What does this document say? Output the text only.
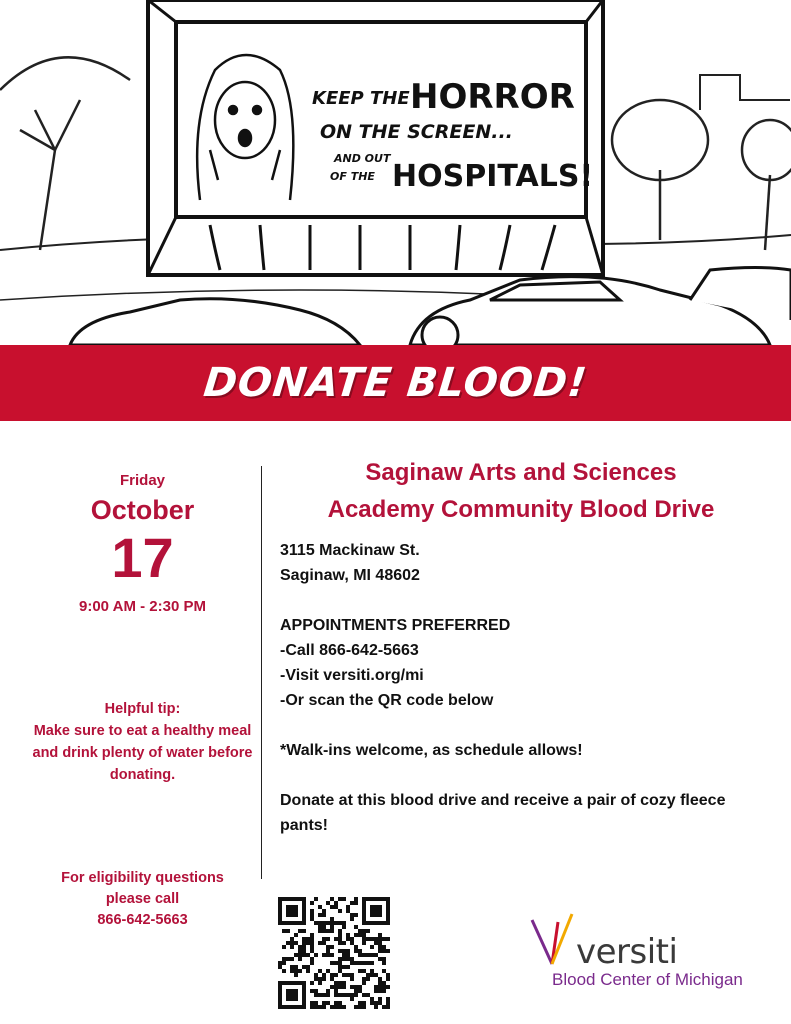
KEEP THE HORROR
ON THE SCREEN...
AND OUT
OF THE HOSPITALS!
DONATE BLOOD!
Friday
October
17
9:00 AM - 2:30 PM
Helpful tip:
Make sure to eat a healthy meal and drink plenty of water before donating.
For eligibility questions
please call
866-642-5663
Saginaw Arts and Sciences
Academy Community Blood Drive

3115 Mackinaw St.

Saginaw, MI 48602

APPOINTMENTS PREFERRED

-Call 866-642-5663

-Visit versiti.org/mi

-Or scan the QR code below

*Walk-ins welcome, as schedule allows!

Donate at this blood drive and receive a pair of cozy fleece pants!

versiti
Blood Center of Michigan
